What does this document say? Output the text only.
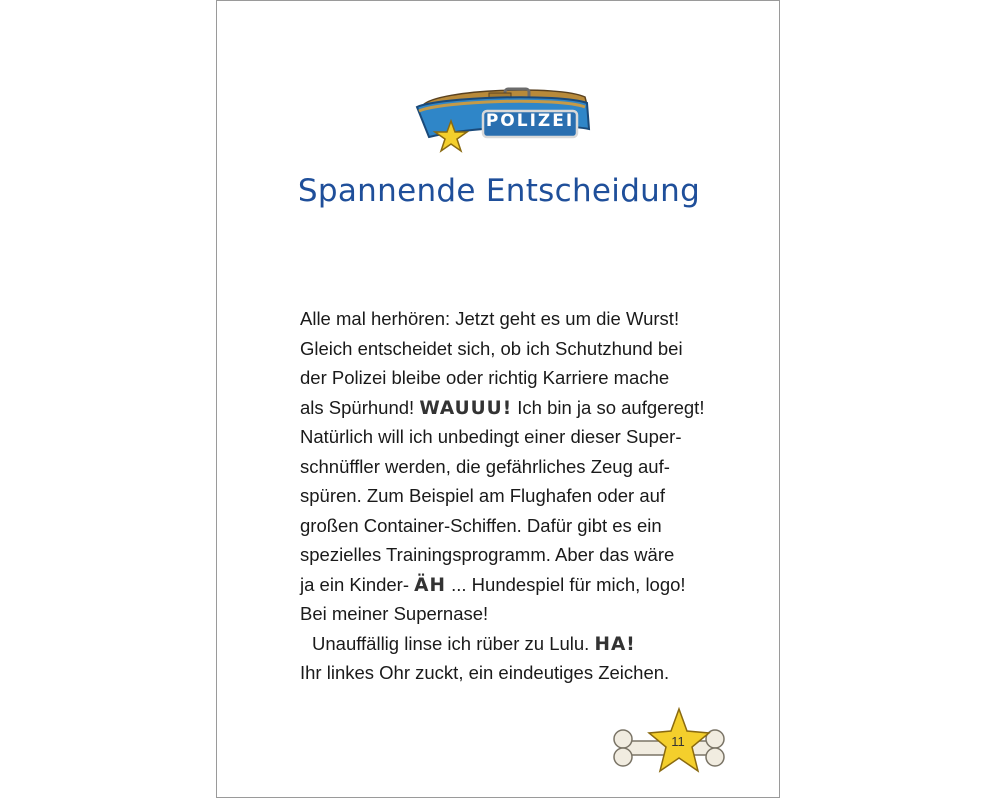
POLIZEI
Spannende Entscheidung
Alle mal herhören: Jetzt geht es um die Wurst!
Gleich entscheidet sich, ob ich Schutzhund bei
der Polizei bleibe oder richtig Karriere mache
als Spürhund! WAUUU! Ich bin ja so aufgeregt!
Natürlich will ich unbedingt einer dieser Super-
schnüffler werden, die gefährliches Zeug auf-
spüren. Zum Beispiel am Flughafen oder auf
großen Container-Schiffen. Dafür gibt es ein
spezielles Trainingsprogramm. Aber das wäre
ja ein Kinder- ÄH ... Hundespiel für mich, logo!
Bei meiner Supernase!
Unauffällig linse ich rüber zu Lulu. HA!
Ihr linkes Ohr zuckt, ein eindeutiges Zeichen.
11
